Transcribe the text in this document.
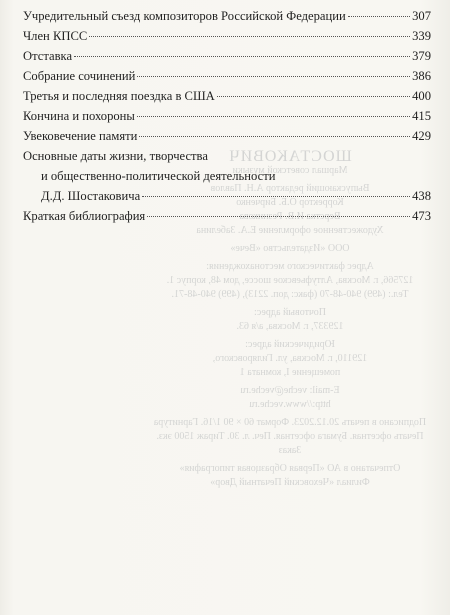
ШОСТАКОВИЧ
Маршал советской музыки
Выпускающий редактор А.Н. Павлов
Корректор О.Б. Бирченко
Верстка И.В. Резникова
Художественное оформление Е.А. Забелина
ООО «Издательство «Вече»
Адрес фактического местонахождения:
127566, г. Москва, Алтуфьевское шоссе, дом 48, корпус 1.
Тел.: (499) 940-48-70 (факс: доп. 2213), (499) 940-48-71.
Почтовый адрес:
129337, г. Москва, а/я 63.
Юридический адрес:
129110, г. Москва, ул. Гиляровского,
помещение I, комната 1
E-mail: veche@veche.ru
http://www.veche.ru
Подписано в печать 20.12.2023. Формат 60 × 90 1/16. Гарнитура
Печать офсетная. Бумага офсетная. Печ. л. 30. Тираж 1500 экз.
Заказ
Отпечатано в АО «Первая Образцовая типография»
Филиал «Чеховский Печатный Двор»
Учредительный съезд композиторов Российской Федерации	307
Член КПСС	339
Отставка	379
Собрание сочинений	386
Третья и последняя поездка в США	400
Кончина и похороны	415
Увековечение памяти	429
Основные даты жизни, творчества
и общественно-политической деятельности
Д.Д. Шостаковича	438
Краткая библиография	473
